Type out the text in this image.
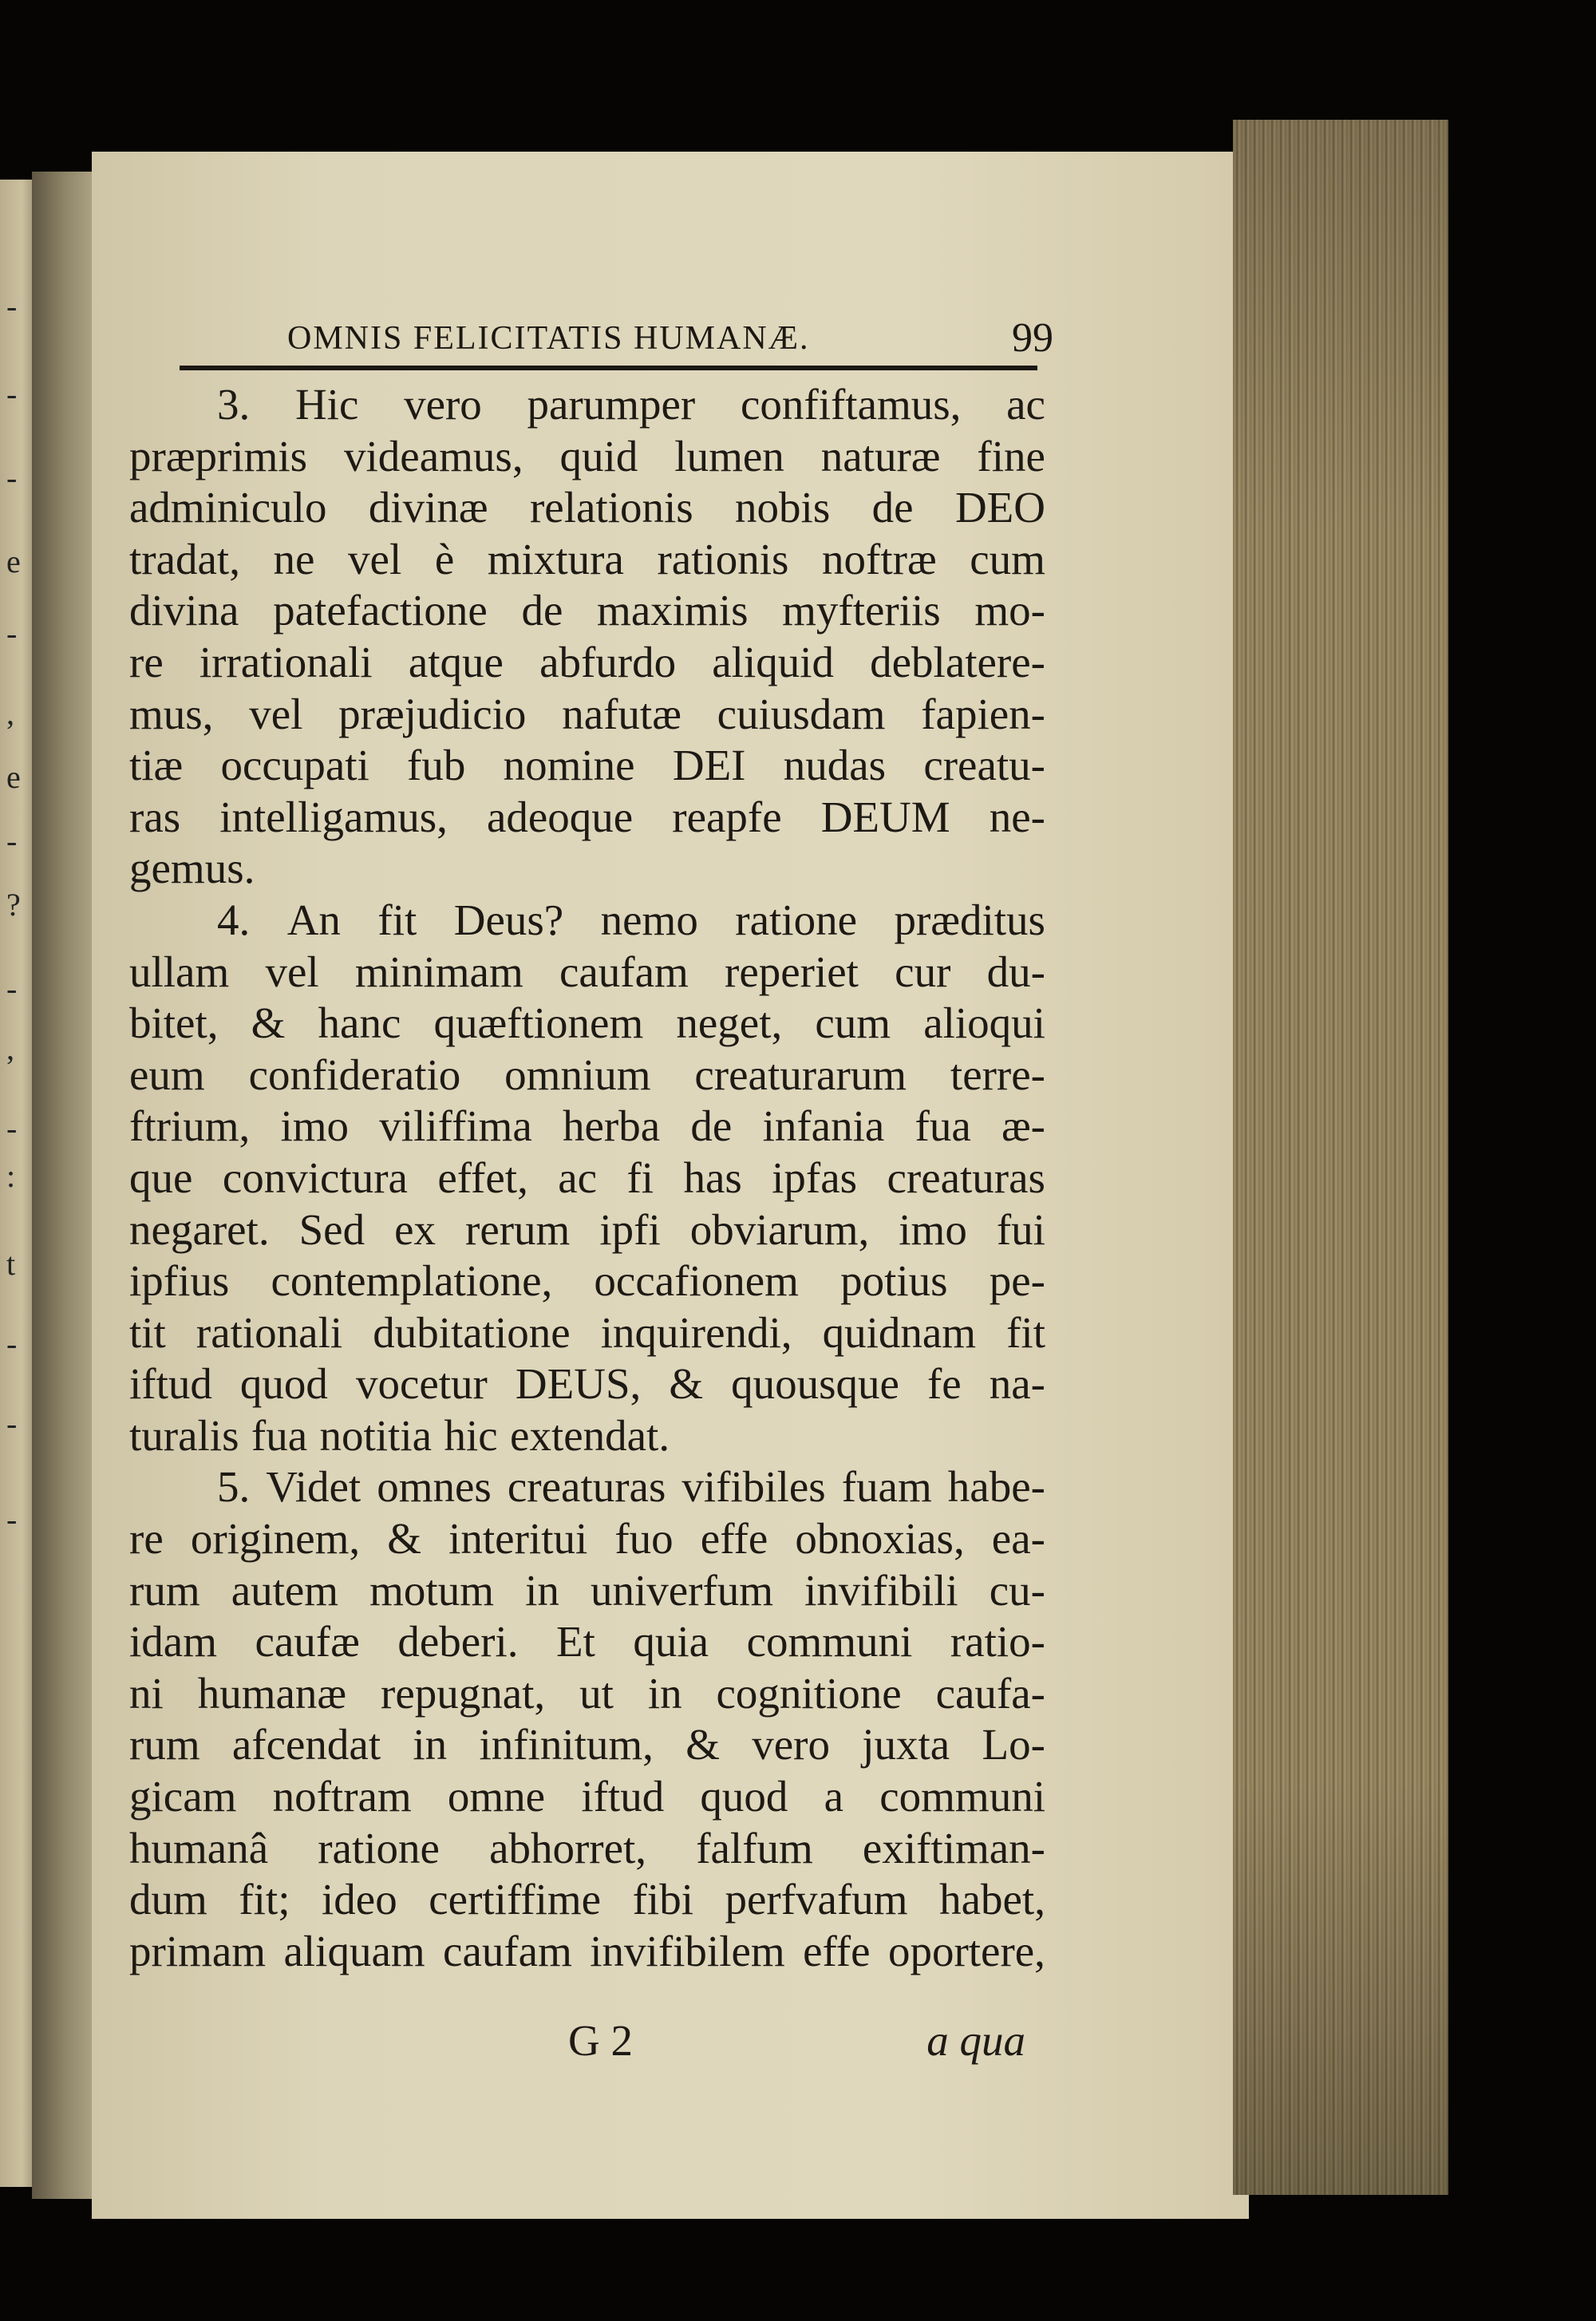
-
-
-
e
-
,
e
-
?
-
,
-
:
t
-
-
-
OMNIS FELICITATIS HUMANÆ.	99
3. Hic vero parumper confiftamus, ac
præprimis videamus, quid lumen naturæ fine
adminiculo divinæ relationis nobis de DEO
tradat, ne vel è mixtura rationis noftræ cum
divina patefactione de maximis myfteriis mo-
re irrationali atque abfurdo aliquid deblatere-
mus, vel præjudicio nafutæ cuiusdam fapien-
tiæ occupati fub nomine DEI nudas creatu-
ras intelligamus, adeoque reapfe DEUM ne-
gemus.
4. An fit Deus? nemo ratione præditus
ullam vel minimam caufam reperiet cur du-
bitet, & hanc quæftionem neget, cum alioqui
eum confideratio omnium creaturarum terre-
ftrium, imo viliffima herba de infania fua æ-
que convictura effet, ac fi has ipfas creaturas
negaret. Sed ex rerum ipfi obviarum, imo fui
ipfius contemplatione, occafionem potius pe-
tit rationali dubitatione inquirendi, quidnam fit
iftud quod vocetur DEUS, & quousque fe na-
turalis fua notitia hic extendat.
5. Videt omnes creaturas vifibiles fuam habe-
re originem, & interitui fuo effe obnoxias, ea-
rum autem motum in univerfum invifibili cu-
idam caufæ deberi. Et quia communi ratio-
ni humanæ repugnat, ut in cognitione caufa-
rum afcendat in infinitum, & vero juxta Lo-
gicam noftram omne iftud quod a communi
humanâ ratione abhorret, falfum exiftiman-
dum fit; ideo certiffime fibi perfvafum habet,
primam aliquam caufam invifibilem effe oportere,
G 2	a qua
